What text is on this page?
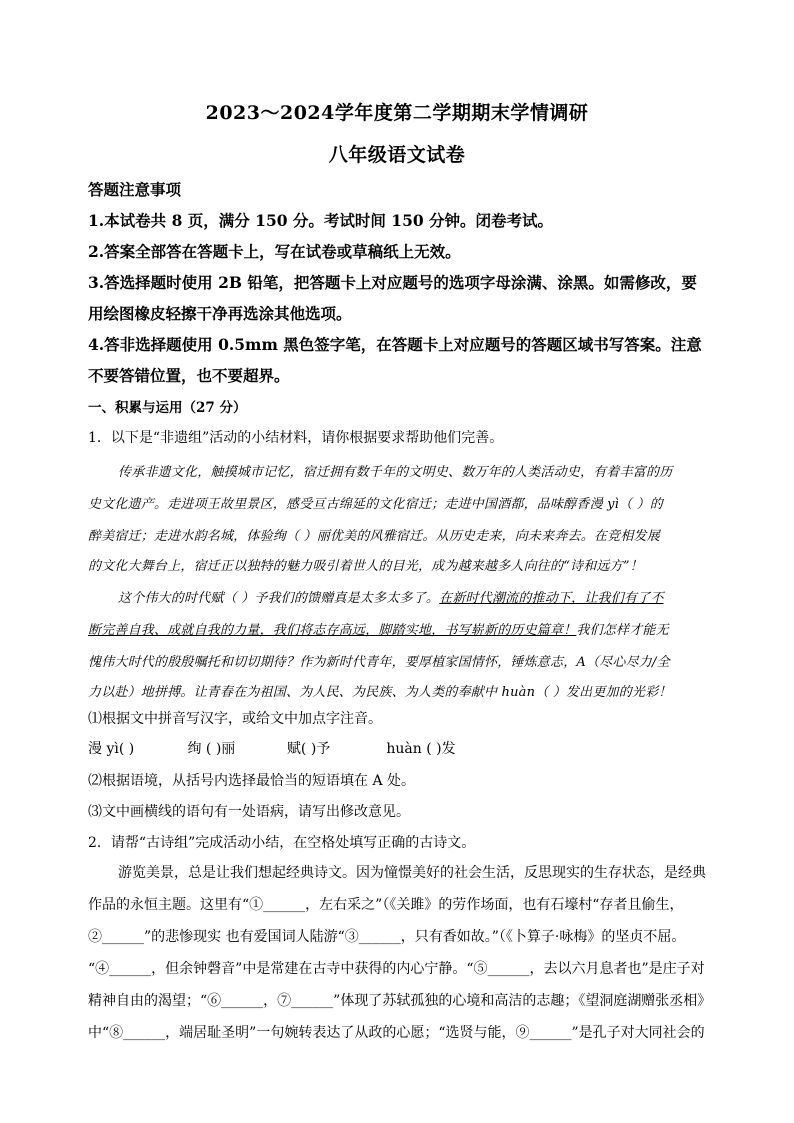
2023～2024学年度第二学期期末学情调研
八年级语文试卷
答题注意事项
1.本试卷共 8 页，满分 150 分。考试时间 150 分钟。闭卷考试。
2.答案全部答在答题卡上，写在试卷或草稿纸上无效。
3.答选择题时使用 2B 铅笔，把答题卡上对应题号的选项字母涂满、涂黑。如需修改，要
用绘图橡皮轻擦干净再选涂其他选项。
4.答非选择题使用 0.5mm 黑色签字笔，在答题卡上对应题号的答题区域书写答案。注意
不要答错位置，也不要超界。
一、积累与运用（27 分）
1．以下是“非遗组”活动的小结材料，请你根据要求帮助他们完善。
传承非遗文化，触摸城市记忆，宿迁拥有数千年的文明史、数万年的人类活动史，有着丰富的历
史文化遗产。走进项王故里景区，感受亘古绵延的文化宿迁；走进中国酒都，品味醇香漫 yì（ ）的
醉美宿迁；走进水韵名城，体验绚（ ）丽优美的风雅宿迁。从历史走来，向未来奔去。在竞相发展
的文化大舞台上，宿迁正以独特的魅力吸引着世人的目光，成为越来越多人向往的“诗和远方”！
这个伟大的时代赋（ ）予我们的馈赠真是太多太多了。在新时代潮流的推动下，让我们有了不
断完善自我、成就自我的力量，我们将志存高远，脚踏实地，书写崭新的历史篇章！我们怎样才能无
愧伟大时代的殷殷嘱托和切切期待？作为新时代青年，要厚植家国情怀，锤炼意志，A（尽心尽力/全
力以赴）地拼搏。让青春在为祖国、为人民、为民族、为人类的奉献中 huàn（ ）发出更加的光彩！
⑴根据文中拼音写汉字，或给文中加点字注音。
漫 yì( )	绚 ( )丽	赋( )予	huàn ( )发
⑵根据语境，从括号内选择最恰当的短语填在 A 处。
⑶文中画横线的语句有一处语病，请写出修改意见。
2．请帮“古诗组”完成活动小结，在空格处填写正确的古诗文。
游览美景，总是让我们想起经典诗文。因为憧憬美好的社会生活，反思现实的生存状态，是经典
作品的永恒主题。这里有“①______，左右采之”（《关雎》的劳作场面，也有石壕村“存者且偷生，
②______”的悲惨现实 也有爱国词人陆游“③______，只有香如故。”（《卜算子·咏梅》的坚贞不屈。
“④______，但余钟磬音”中是常建在古寺中获得的内心宁静。“⑤______，去以六月息者也”是庄子对
精神自由的渴望；“⑥______，⑦______”体现了苏轼孤独的心境和高洁的志趣；《望洞庭湖赠张丞相》
中“⑧______，端居耻圣明”一句婉转表达了从政的心愿；“选贤与能，⑨______”是孔子对大同社会的
